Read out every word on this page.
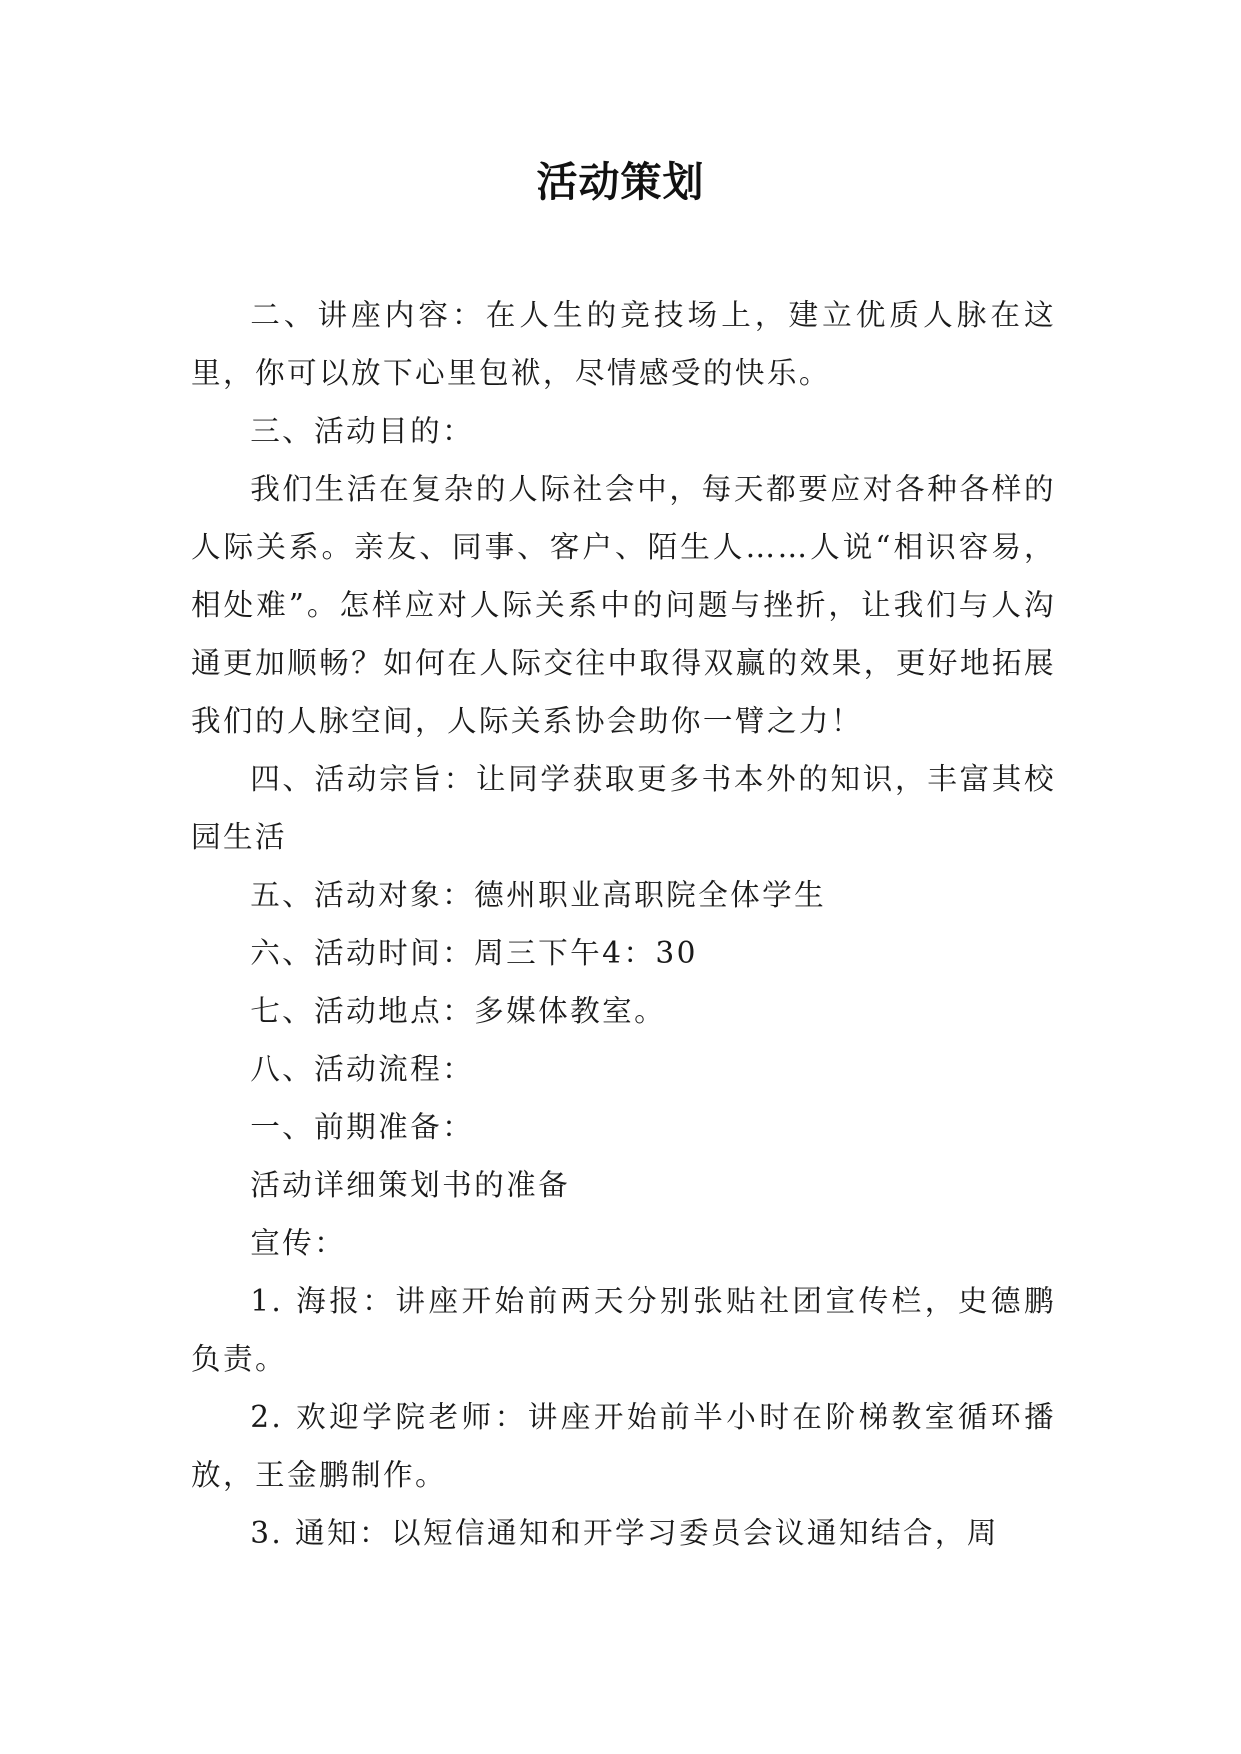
活动策划

二、讲座内容：在人生的竞技场上，建立优质人脉在这里，你可以放下心里包袱，尽情感受的快乐。

三、活动目的：

我们生活在复杂的人际社会中，每天都要应对各种各样的人际关系。亲友、同事、客户、陌生人……人说“相识容易，相处难”。怎样应对人际关系中的问题与挫折，让我们与人沟通更加顺畅？如何在人际交往中取得双赢的效果，更好地拓展我们的人脉空间，人际关系协会助你一臂之力！

四、活动宗旨：让同学获取更多书本外的知识，丰富其校园生活

五、活动对象：德州职业高职院全体学生

六、活动时间：周三下午4：30

七、活动地点：多媒体教室。

八、活动流程：

一、前期准备：

活动详细策划书的准备

宣传：

1. 海报：讲座开始前两天分别张贴社团宣传栏，史德鹏负责。

2. 欢迎学院老师：讲座开始前半小时在阶梯教室循环播放，王金鹏制作。

3. 通知：以短信通知和开学习委员会议通知结合，周
